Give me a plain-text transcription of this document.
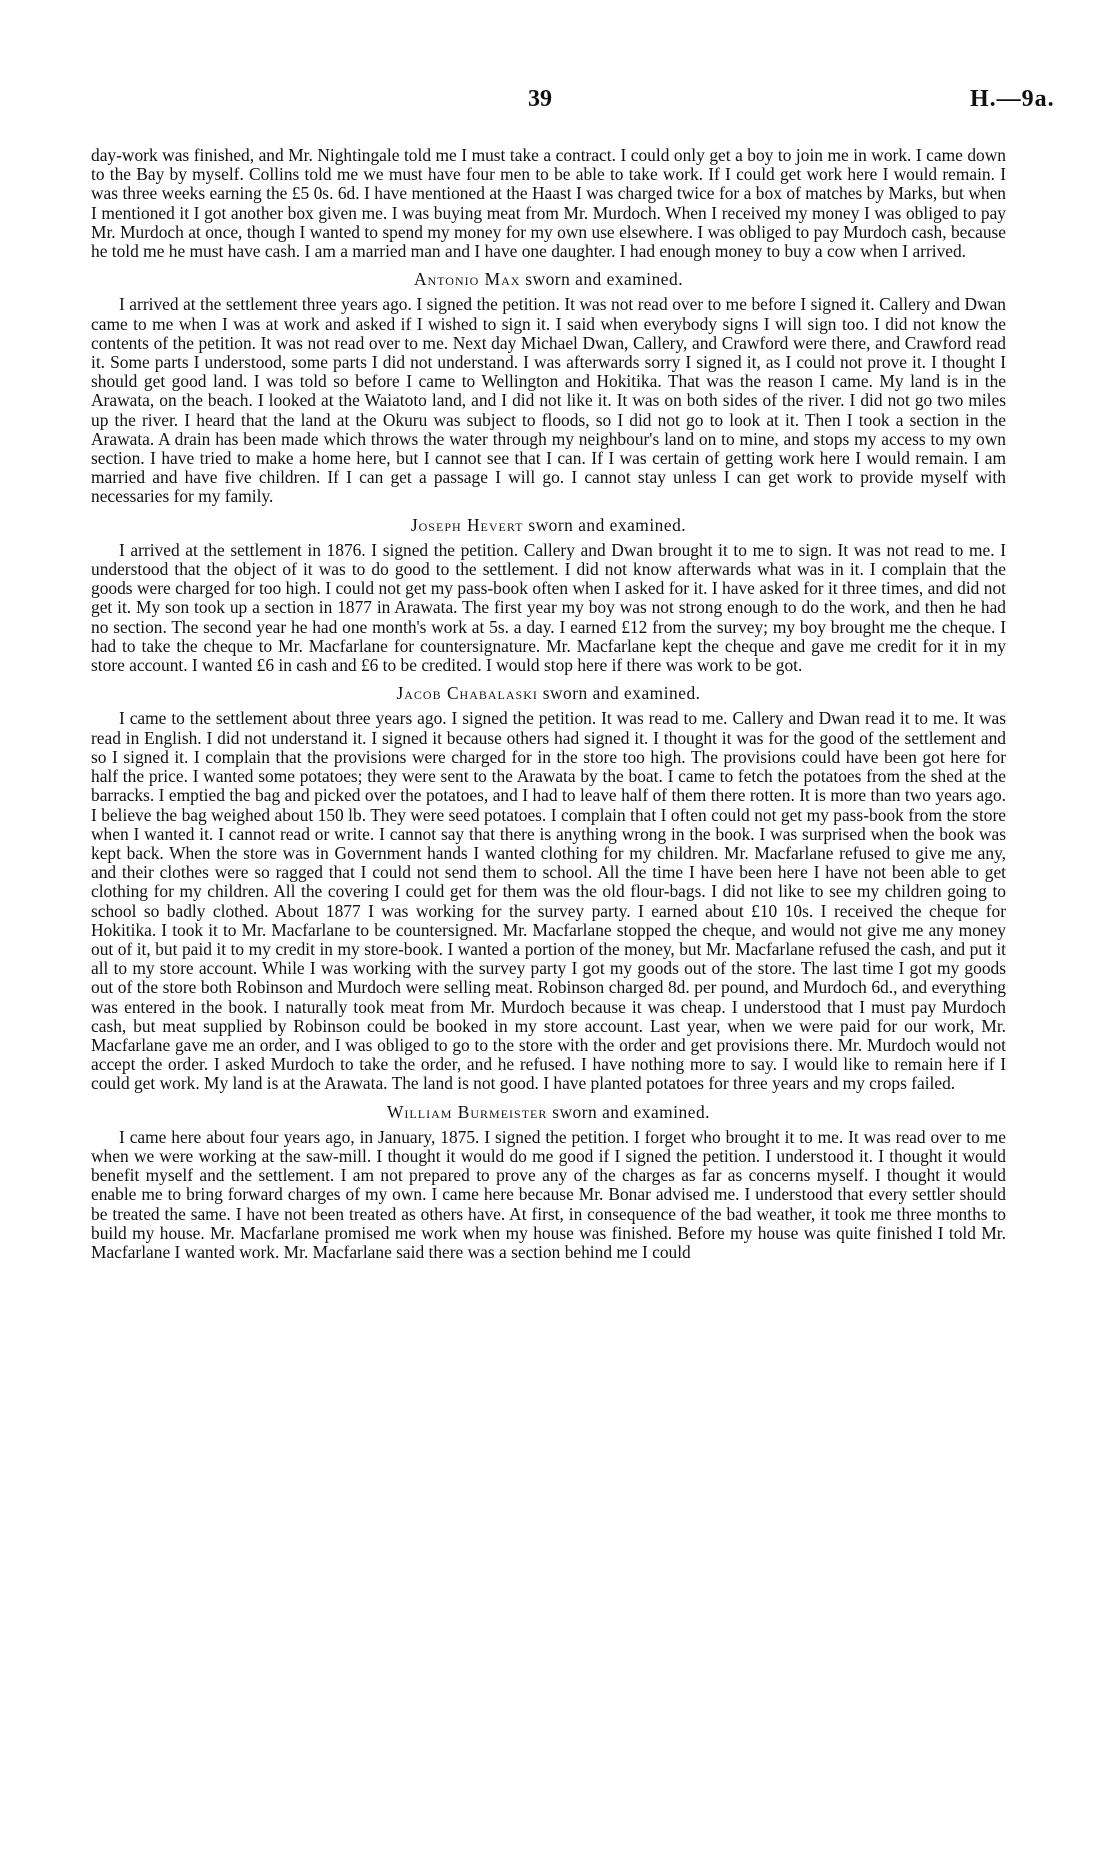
39	H.—9a.

day-work was finished, and Mr. Nightingale told me I must take a contract. I could only get a boy to join me in work. I came down to the Bay by myself. Collins told me we must have four men to be able to take work. If I could get work here I would remain. I was three weeks earning the £5 0s. 6d. I have mentioned at the Haast I was charged twice for a box of matches by Marks, but when I mentioned it I got another box given me. I was buying meat from Mr. Murdoch. When I received my money I was obliged to pay Mr. Murdoch at once, though I wanted to spend my money for my own use elsewhere. I was obliged to pay Murdoch cash, because he told me he must have cash. I am a married man and I have one daughter. I had enough money to buy a cow when I arrived.

Antonio Max sworn and examined.

I arrived at the settlement three years ago. I signed the petition. It was not read over to me before I signed it. Callery and Dwan came to me when I was at work and asked if I wished to sign it. I said when everybody signs I will sign too. I did not know the contents of the petition. It was not read over to me. Next day Michael Dwan, Callery, and Crawford were there, and Crawford read it. Some parts I understood, some parts I did not understand. I was afterwards sorry I signed it, as I could not prove it. I thought I should get good land. I was told so before I came to Wellington and Hokitika. That was the reason I came. My land is in the Arawata, on the beach. I looked at the Waiatoto land, and I did not like it. It was on both sides of the river. I did not go two miles up the river. I heard that the land at the Okuru was subject to floods, so I did not go to look at it. Then I took a section in the Arawata. A drain has been made which throws the water through my neighbour's land on to mine, and stops my access to my own section. I have tried to make a home here, but I cannot see that I can. If I was certain of getting work here I would remain. I am married and have five children. If I can get a passage I will go. I cannot stay unless I can get work to provide myself with necessaries for my family.

Joseph Hevert sworn and examined.

I arrived at the settlement in 1876. I signed the petition. Callery and Dwan brought it to me to sign. It was not read to me. I understood that the object of it was to do good to the settlement. I did not know afterwards what was in it. I complain that the goods were charged for too high. I could not get my pass-book often when I asked for it. I have asked for it three times, and did not get it. My son took up a section in 1877 in Arawata. The first year my boy was not strong enough to do the work, and then he had no section. The second year he had one month's work at 5s. a day. I earned £12 from the survey; my boy brought me the cheque. I had to take the cheque to Mr. Macfarlane for countersignature. Mr. Macfarlane kept the cheque and gave me credit for it in my store account. I wanted £6 in cash and £6 to be credited. I would stop here if there was work to be got.

Jacob Chabalaski sworn and examined.

I came to the settlement about three years ago. I signed the petition. It was read to me. Callery and Dwan read it to me. It was read in English. I did not understand it. I signed it because others had signed it. I thought it was for the good of the settlement and so I signed it. I complain that the provisions were charged for in the store too high. The provisions could have been got here for half the price. I wanted some potatoes; they were sent to the Arawata by the boat. I came to fetch the potatoes from the shed at the barracks. I emptied the bag and picked over the potatoes, and I had to leave half of them there rotten. It is more than two years ago. I believe the bag weighed about 150 lb. They were seed potatoes. I complain that I often could not get my pass-book from the store when I wanted it. I cannot read or write. I cannot say that there is anything wrong in the book. I was surprised when the book was kept back. When the store was in Government hands I wanted clothing for my children. Mr. Macfarlane refused to give me any, and their clothes were so ragged that I could not send them to school. All the time I have been here I have not been able to get clothing for my children. All the covering I could get for them was the old flour-bags. I did not like to see my children going to school so badly clothed. About 1877 I was working for the survey party. I earned about £10 10s. I received the cheque for Hokitika. I took it to Mr. Macfarlane to be countersigned. Mr. Macfarlane stopped the cheque, and would not give me any money out of it, but paid it to my credit in my store-book. I wanted a portion of the money, but Mr. Macfarlane refused the cash, and put it all to my store account. While I was working with the survey party I got my goods out of the store. The last time I got my goods out of the store both Robinson and Murdoch were selling meat. Robinson charged 8d. per pound, and Murdoch 6d., and everything was entered in the book. I naturally took meat from Mr. Murdoch because it was cheap. I understood that I must pay Murdoch cash, but meat supplied by Robinson could be booked in my store account. Last year, when we were paid for our work, Mr. Macfarlane gave me an order, and I was obliged to go to the store with the order and get provisions there. Mr. Murdoch would not accept the order. I asked Murdoch to take the order, and he refused. I have nothing more to say. I would like to remain here if I could get work. My land is at the Arawata. The land is not good. I have planted potatoes for three years and my crops failed.

William Burmeister sworn and examined.

I came here about four years ago, in January, 1875. I signed the petition. I forget who brought it to me. It was read over to me when we were working at the saw-mill. I thought it would do me good if I signed the petition. I understood it. I thought it would benefit myself and the settlement. I am not prepared to prove any of the charges as far as concerns myself. I thought it would enable me to bring forward charges of my own. I came here because Mr. Bonar advised me. I understood that every settler should be treated the same. I have not been treated as others have. At first, in consequence of the bad weather, it took me three months to build my house. Mr. Macfarlane promised me work when my house was finished. Before my house was quite finished I told Mr. Macfarlane I wanted work. Mr. Macfarlane said there was a section behind me I could
